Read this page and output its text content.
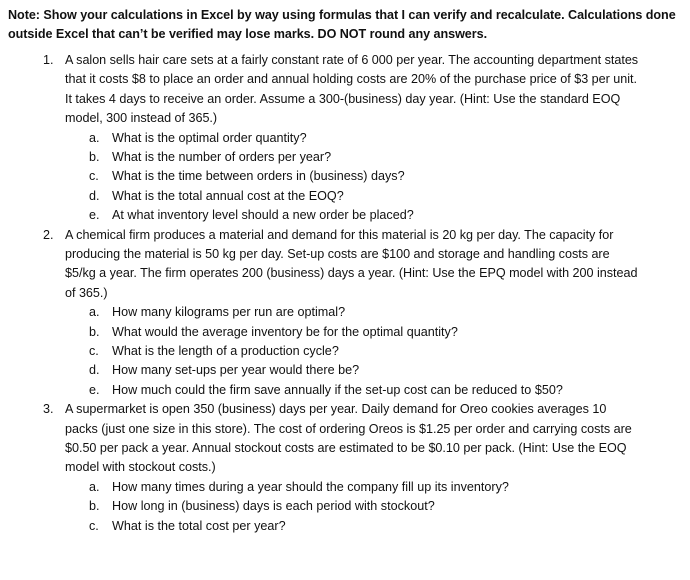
Note: Show your calculations in Excel by way using formulas that I can verify and recalculate. Calculations done outside Excel that can’t be verified may lose marks. DO NOT round any answers.
1. A salon sells hair care sets at a fairly constant rate of 6 000 per year. The accounting department states that it costs $8 to place an order and annual holding costs are 20% of the purchase price of $3 per unit. It takes 4 days to receive an order. Assume a 300-(business) day year. (Hint: Use the standard EOQ model, 300 instead of 365.)
a. What is the optimal order quantity?
b. What is the number of orders per year?
c. What is the time between orders in (business) days?
d. What is the total annual cost at the EOQ?
e. At what inventory level should a new order be placed?
2. A chemical firm produces a material and demand for this material is 20 kg per day. The capacity for producing the material is 50 kg per day. Set-up costs are $100 and storage and handling costs are $5/kg a year. The firm operates 200 (business) days a year. (Hint: Use the EPQ model with 200 instead of 365.)
a. How many kilograms per run are optimal?
b. What would the average inventory be for the optimal quantity?
c. What is the length of a production cycle?
d. How many set-ups per year would there be?
e. How much could the firm save annually if the set-up cost can be reduced to $50?
3. A supermarket is open 350 (business) days per year. Daily demand for Oreo cookies averages 10 packs (just one size in this store). The cost of ordering Oreos is $1.25 per order and carrying costs are $0.50 per pack a year. Annual stockout costs are estimated to be $0.10 per pack. (Hint: Use the EOQ model with stockout costs.)
a. How many times during a year should the company fill up its inventory?
b. How long in (business) days is each period with stockout?
c. What is the total cost per year?
